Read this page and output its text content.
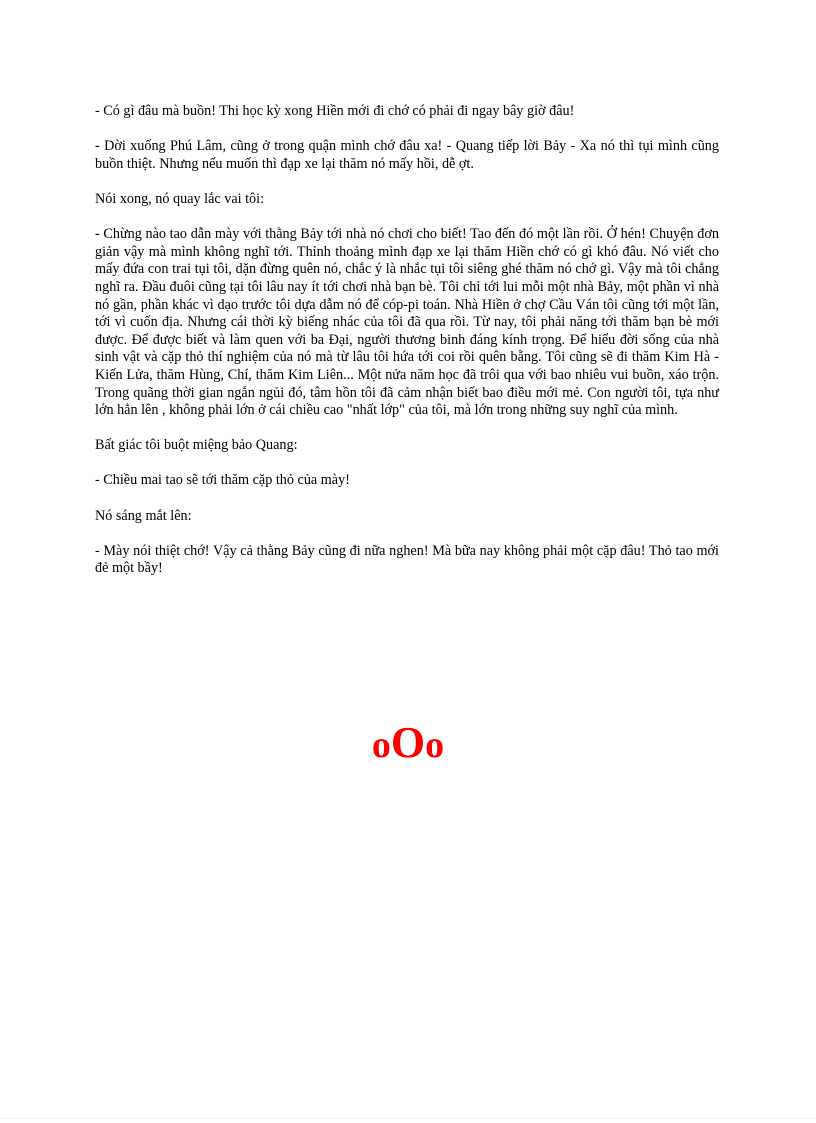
- Có gì đâu mà buồn! Thi học kỳ xong Hiền mới đi chớ có phải đi ngay bây giờ đâu!

- Dời xuống Phú Lâm, cũng ở trong quận mình chớ đâu xa! - Quang tiếp lời Bảy - Xa nó thì tụi mình cũng buồn thiệt. Nhưng nếu muốn thì đạp xe lại thăm nó mấy hồi, dễ ợt.

Nói xong, nó quay lắc vai tôi:

- Chừng nào tao dẫn mày với thằng Bảy tới nhà nó chơi cho biết! Tao đến đó một lần rồi. Ở hén! Chuyện đơn giản vậy mà mình không nghĩ tới. Thỉnh thoảng mình đạp xe lại thăm Hiền chớ có gì khó đâu. Nó viết cho mấy đứa con trai tụi tôi, dặn đừng quên nó, chắc ý là nhắc tụi tôi siêng ghé thăm nó chớ gì. Vậy mà tôi chẳng nghĩ ra. Đầu đuôi cũng tại tôi lâu nay ít tới chơi nhà bạn bè. Tôi chỉ tới lui mỗi một nhà Bảy, một phần vì nhà nó gần, phần khác vì dạo trước tôi dựa dẫm nó để cóp-pi toán. Nhà Hiền ở chợ Cầu Ván tôi cũng tới một lần, tới vì cuốn địa. Nhưng cái thời kỳ biếng nhác của tôi đã qua rồi. Từ nay, tôi phải năng tới thăm bạn bè mới được. Để được biết và làm quen với ba Đại, người thương binh đáng kính trọng. Để hiểu đời sống của nhà sinh vật và cặp thỏ thí nghiệm của nó mà từ lâu tôi hứa tới coi rồi quên bẵng. Tôi cũng sẽ đi thăm Kim Hà - Kiến Lửa, thăm Hùng, Chí, thăm Kim Liên... Một nửa năm học đã trôi qua với bao nhiêu vui buồn, xáo trộn. Trong quãng thời gian ngắn ngủi đó, tâm hồn tôi đã cảm nhận biết bao điều mới mẻ. Con người tôi, tựa như lớn hẳn lên , không phải lớn ở cái chiều cao "nhất lớp" của tôi, mà lớn trong những suy nghĩ của mình.

Bất giác tôi buột miệng bảo Quang:

- Chiều mai tao sẽ tới thăm cặp thỏ của mày!

Nó sáng mắt lên:

- Mày nói thiệt chớ! Vậy cả thằng Bảy cũng đi nữa nghen! Mà bữa nay không phải một cặp đâu! Thỏ tao mới đẻ một bầy!

oOo
